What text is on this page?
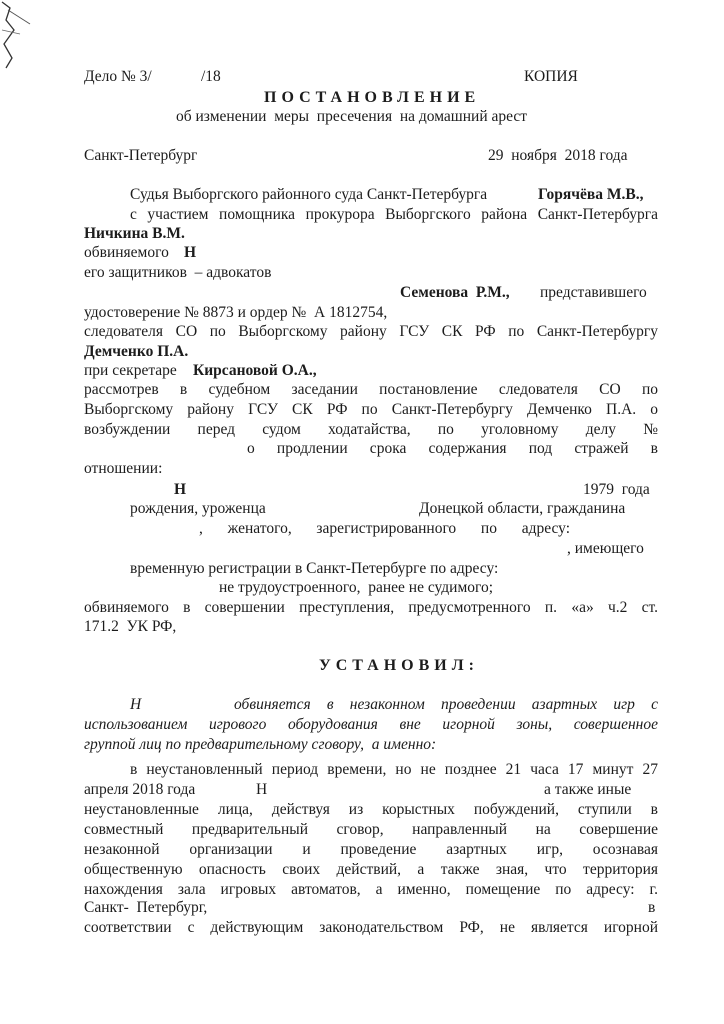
Дело № 3/	/18	КОПИЯ
ПОСТАНОВЛЕНИЕ
об изменении  меры  пресечения  на домашний арест
Санкт-Петербург	29  ноября  2018 года
Судья Выборгского районного суда Санкт-Петербурга	Горячёва М.В.,
с участием помощника прокурора Выборгского района Санкт-Петербурга
Ничкина В.М.
обвиняемого Н
его защитников  – адвокатов
Семенова  Р.М., представившего
удостоверение № 8873 и ордер №  А 1812754,
следователя СО по Выборгскому району ГСУ СК РФ по Санкт-Петербургу
Демченко П.А.
при секретаре Кирсановой О.А.,
рассмотрев в судебном заседании постановление следователя СО по
Выборгскому району ГСУ СК РФ по Санкт-Петербургу Демченко П.А. о
возбуждении перед судом ходатайства, по уголовному делу №
о продлении срока содержания под стражей в
отношении:
Н	1979  года
рождения, уроженца	Донецкой области, гражданина
, женатого, зарегистрированного по адресу:
, имеющего
временную регистрации в Санкт-Петербурге по адресу:
не трудоустроенного,  ранее не судимого;
обвиняемого в совершении преступления, предусмотренного п. «а» ч.2 ст.
171.2  УК РФ,
УСТАНОВИЛ:
Н	обвиняется в незаконном проведении азартных игр с
использованием игрового оборудования вне игорной зоны, совершенное
группой лиц по предварительному сговору,  а именно:
в неустановленный период времени, но не позднее 21 часа 17 минут 27
апреля 2018 года	Н	а также иные
неустановленные лица, действуя из корыстных побуждений, ступили в
совместный предварительный сговор, направленный на совершение
незаконной организации и проведение азартных игр, осознавая
общественную опасность своих действий, а также зная, что территория
нахождения зала игровых автоматов, а именно, помещение по адресу: г.
Санкт-  Петербург,	в
соответствии с действующим законодательством РФ, не является игорной
